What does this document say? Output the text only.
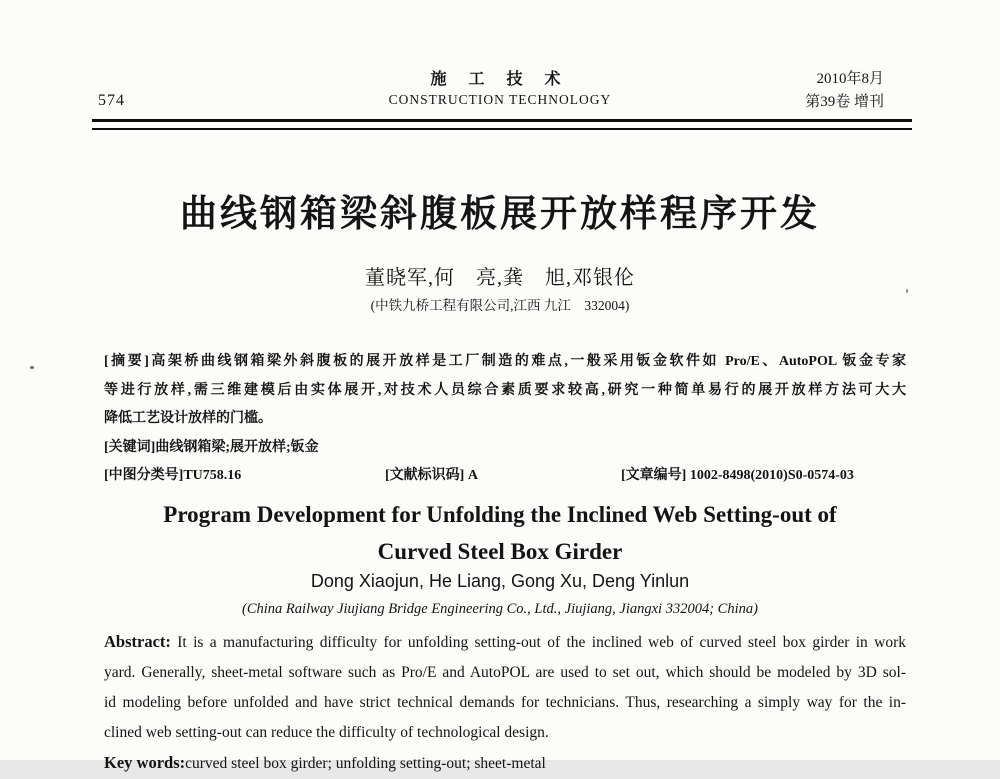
574
施 工 技 术
CONSTRUCTION TECHNOLOGY
2010年8月
第39卷 增刊
曲线钢箱梁斜腹板展开放样程序开发
董晓军,何　亮,龚　旭,邓银伦
(中铁九桥工程有限公司,江西 九江　332004)
[摘要]高架桥曲线钢箱梁外斜腹板的展开放样是工厂制造的难点,一般采用钣金软件如 Pro/E、AutoPOL 钣金专家
等进行放样,需三维建模后由实体展开,对技术人员综合素质要求较高,研究一种简单易行的展开放样方法可大大
降低工艺设计放样的门槛。
[关键词]曲线钢箱梁;展开放样;钣金
[中图分类号]TU758.16	[文献标识码] A	[文章编号] 1002-8498(2010)S0-0574-03
Program Development for Unfolding the Inclined Web Setting-out of
Curved Steel Box Girder
Dong Xiaojun, He Liang, Gong Xu, Deng Yinlun
(China Railway Jiujiang Bridge Engineering Co., Ltd., Jiujiang, Jiangxi 332004; China)
Abstract: It is a manufacturing difficulty for unfolding setting-out of the inclined web of curved steel box girder in work
yard. Generally, sheet-metal software such as Pro/E and AutoPOL are used to set out, which should be modeled by 3D sol-
id modeling before unfolded and have strict technical demands for technicians. Thus, researching a simply way for the in-
clined web setting-out can reduce the difficulty of technological design.
Key words:curved steel box girder; unfolding setting-out; sheet-metal
